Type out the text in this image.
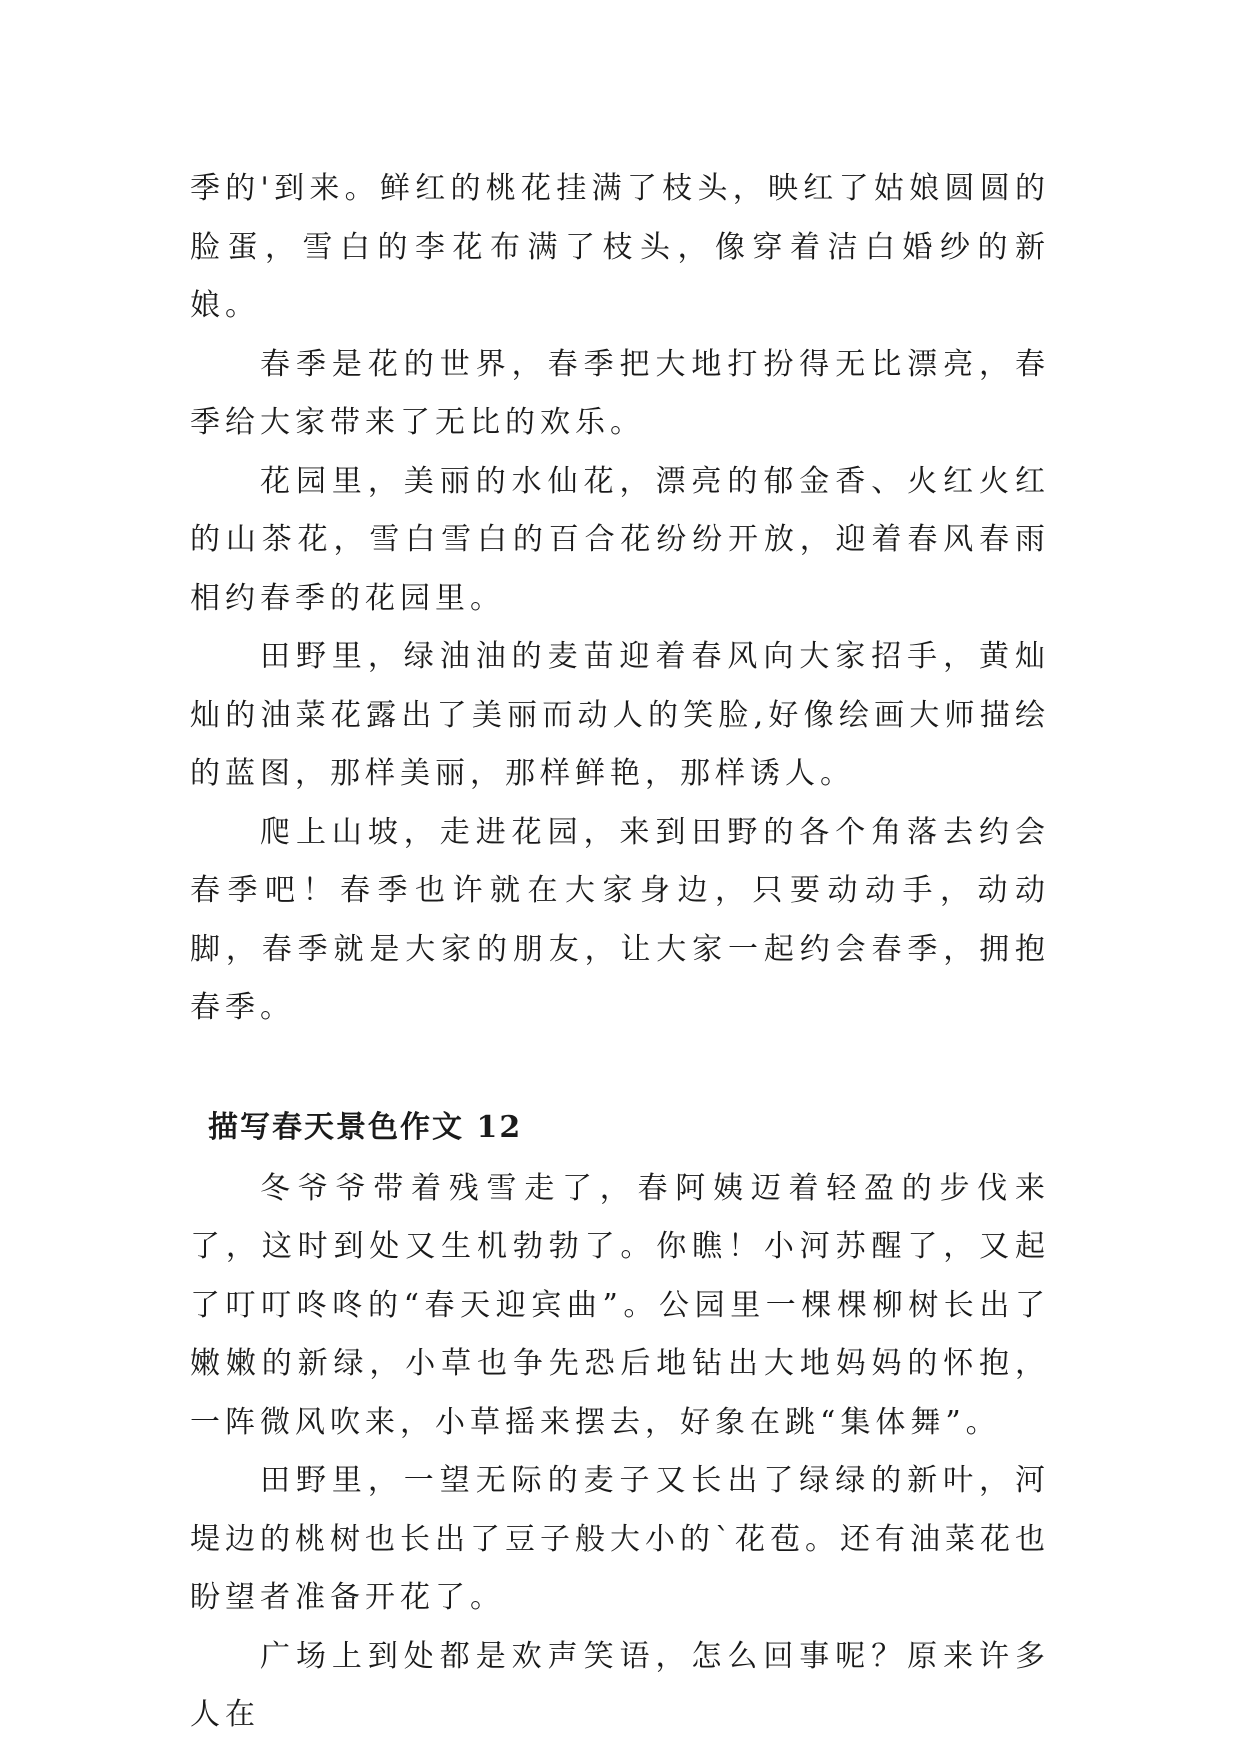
季的'到来。鲜红的桃花挂满了枝头，映红了姑娘圆圆的脸蛋，雪白的李花布满了枝头，像穿着洁白婚纱的新娘。

春季是花的世界，春季把大地打扮得无比漂亮，春季给大家带来了无比的欢乐。

花园里，美丽的水仙花，漂亮的郁金香、火红火红的山茶花，雪白雪白的百合花纷纷开放，迎着春风春雨相约春季的花园里。

田野里，绿油油的麦苗迎着春风向大家招手，黄灿灿的油菜花露出了美丽而动人的笑脸,好像绘画大师描绘的蓝图，那样美丽，那样鲜艳，那样诱人。

爬上山坡，走进花园，来到田野的各个角落去约会春季吧！春季也许就在大家身边，只要动动手，动动脚，春季就是大家的朋友，让大家一起约会春季，拥抱春季。

描写春天景色作文 12

冬爷爷带着残雪走了，春阿姨迈着轻盈的步伐来了，这时到处又生机勃勃了。你瞧！小河苏醒了，又起了叮叮咚咚的“春天迎宾曲”。公园里一棵棵柳树长出了嫩嫩的新绿，小草也争先恐后地钻出大地妈妈的怀抱，一阵微风吹来，小草摇来摆去，好象在跳“集体舞”。

田野里，一望无际的麦子又长出了绿绿的新叶，河堤边的桃树也长出了豆子般大小的`花苞。还有油菜花也盼望者准备开花了。

广场上到处都是欢声笑语，怎么回事呢？原来许多人在
